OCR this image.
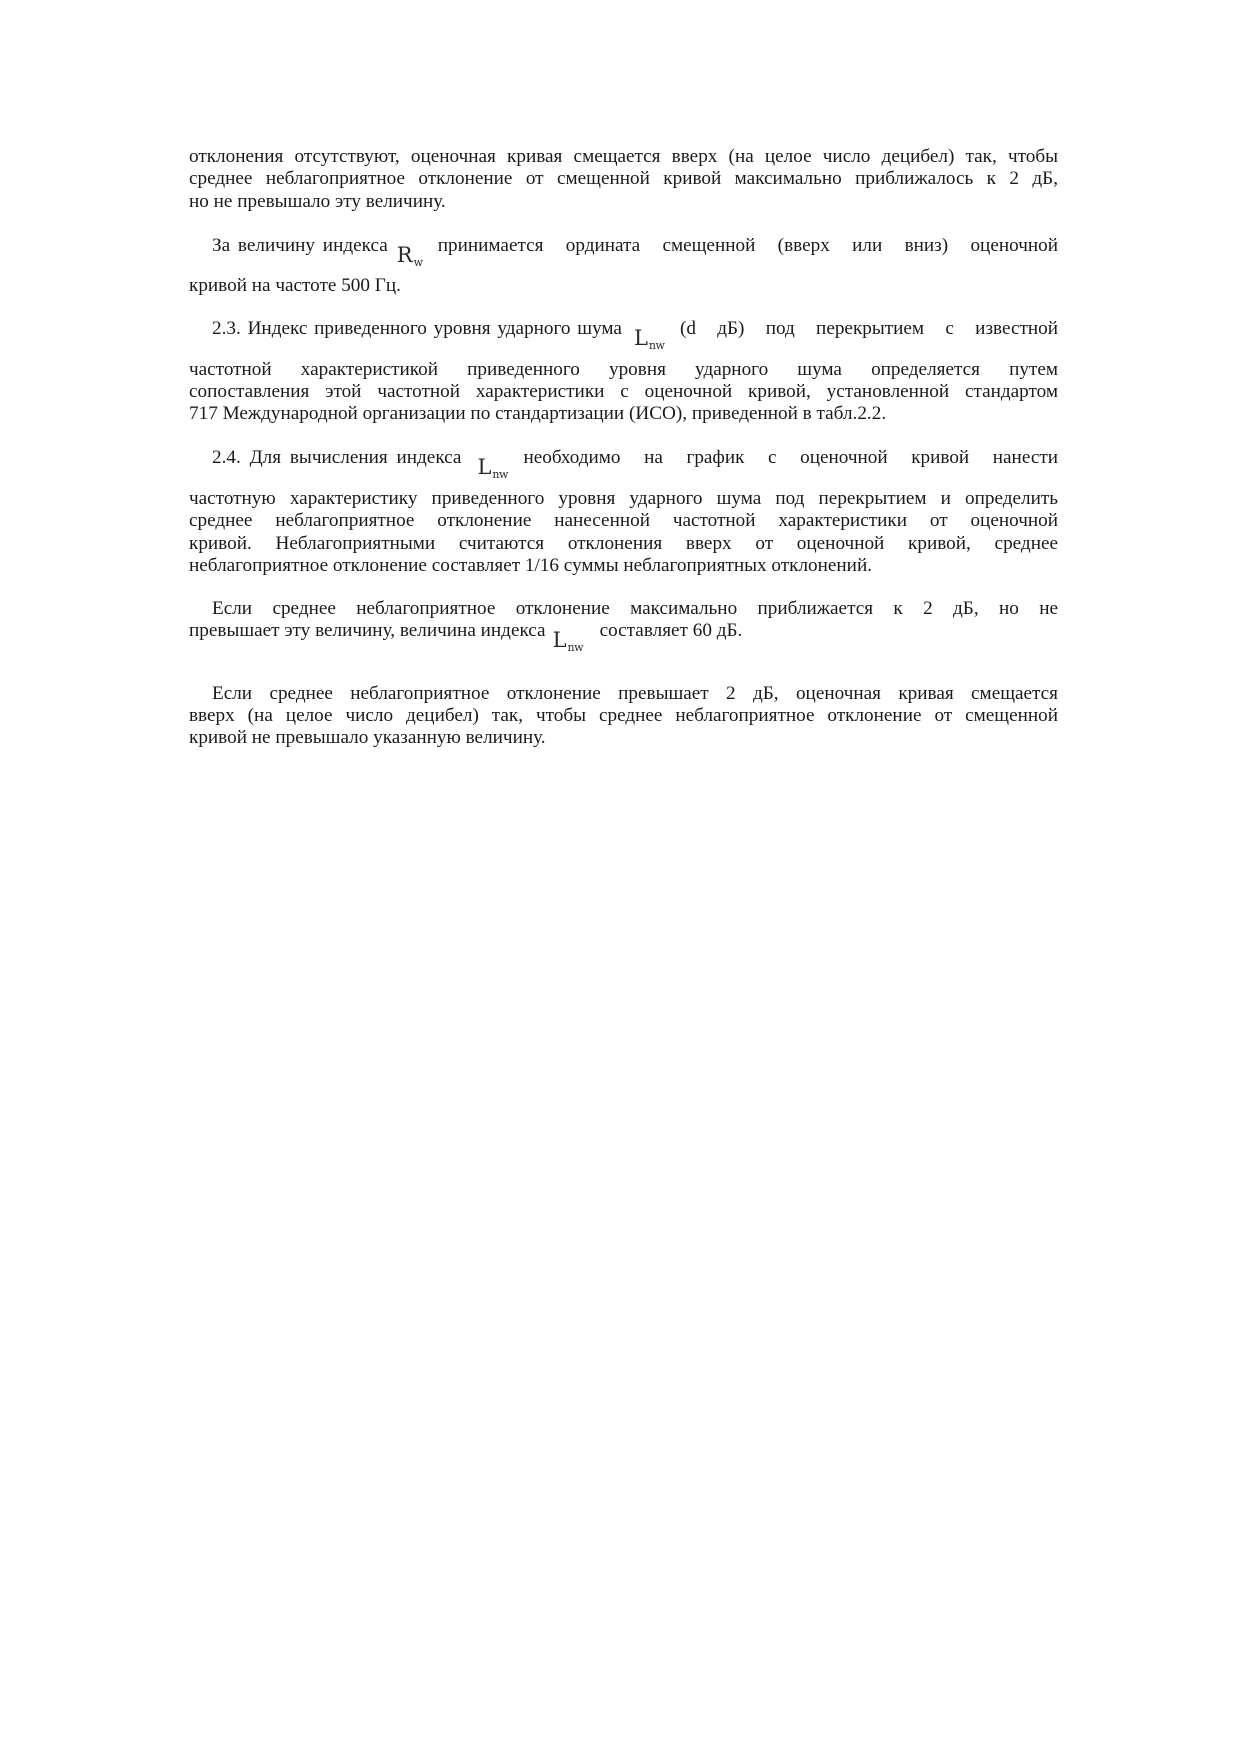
отклонения отсутствуют, оценочная кривая смещается вверх (на целое число децибел) так, чтобы
среднее неблагоприятное отклонение от смещенной кривой максимально приближалось к 2 дБ,
но не превышало эту величину.
За величину индекса $R_w$
принимается ордината смещенной (вверх или вниз) оценочной
кривой на частоте 500 Гц.
2.3. Индекс приведенного уровня ударного шума $L_{nw}$
(d дБ) под перекрытием с известной
частотной характеристикой приведенного уровня ударного шума определяется путем
сопоставления этой частотной характеристики с оценочной кривой, установленной стандартом
717 Международной организации по стандартизации (ИСО), приведенной в табл.2.2.
2.4. Для вычисления индекса $L_{nw}$
необходимо на график с оценочной кривой нанести
частотную характеристику приведенного уровня ударного шума под перекрытием и определить
среднее неблагоприятное отклонение нанесенной частотной характеристики от оценочной
кривой. Неблагоприятными считаются отклонения вверх от оценочной кривой, среднее
неблагоприятное отклонение составляет 1/16 суммы неблагоприятных отклонений.
Если среднее неблагоприятное отклонение максимально приближается к 2 дБ, но не
превышает эту величину, величина индекса $L_{nw}$
составляет 60 дБ.
Если среднее неблагоприятное отклонение превышает 2 дБ, оценочная кривая смещается
вверх (на целое число децибел) так, чтобы среднее неблагоприятное отклонение от смещенной
кривой не превышало указанную величину.
